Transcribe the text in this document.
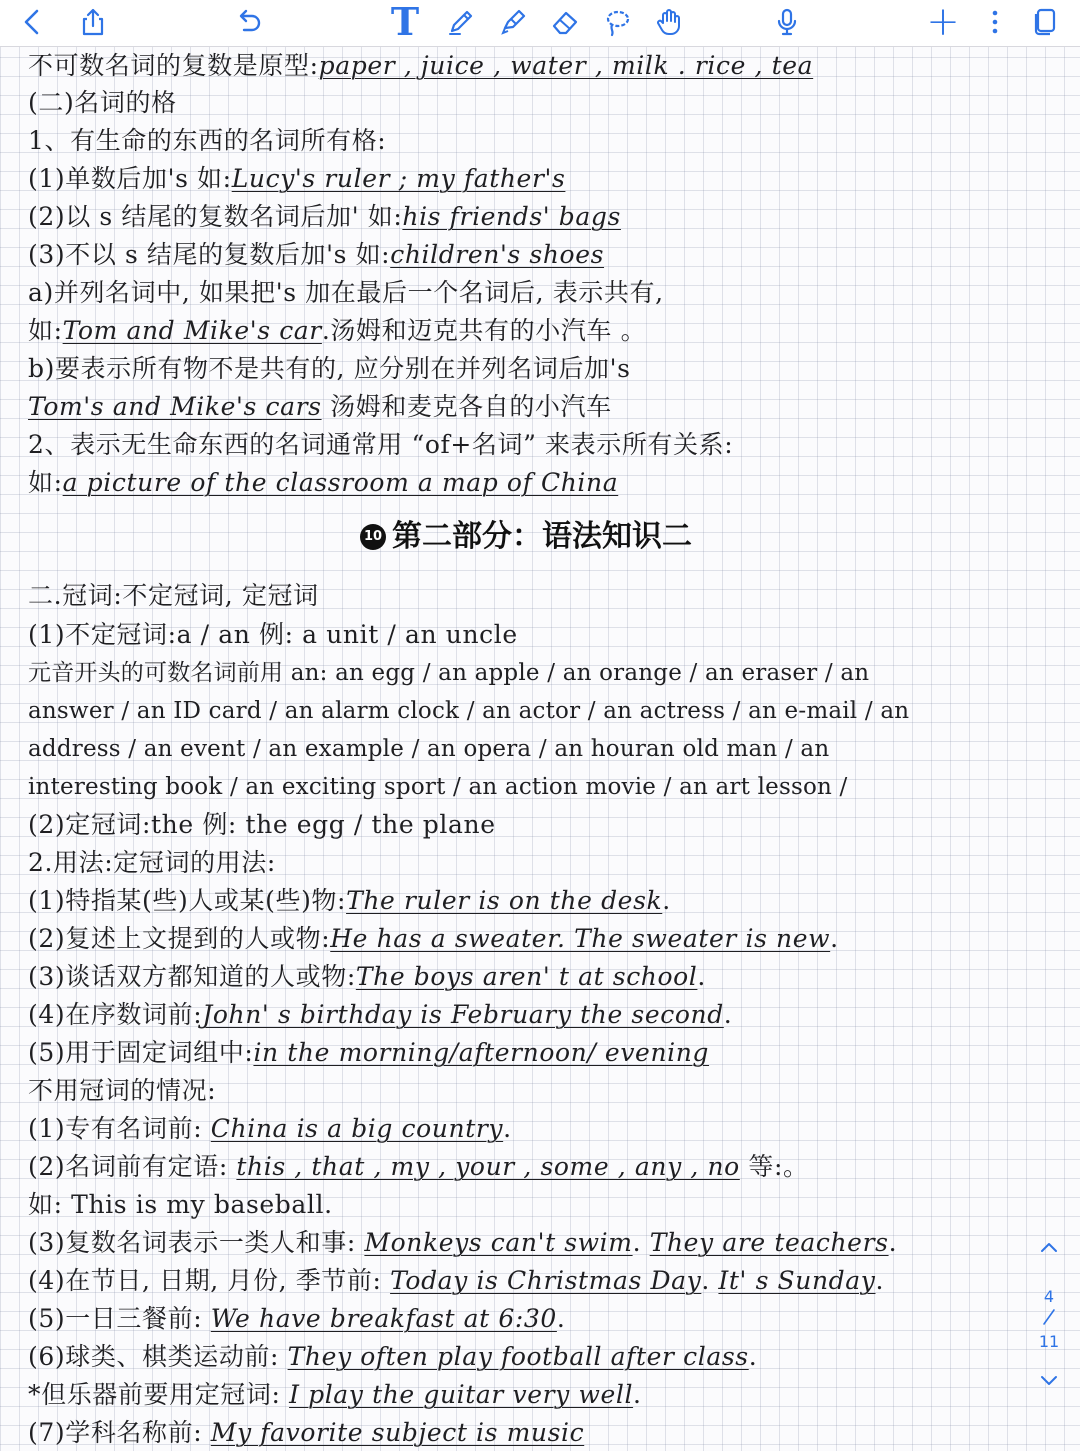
T	+
不可数名词的复数是原型:paper , juice , water , milk . rice , tea
(二)名词的格
1、有生命的东西的名词所有格:
(1)单数后加's 如:Lucy's ruler ; my father's
(2)以 s 结尾的复数名词后加' 如:his friends' bags
(3)不以 s 结尾的复数后加's 如:children's shoes
a)并列名词中, 如果把's 加在最后一个名词后, 表示共有,
如:Tom and Mike's car.汤姆和迈克共有的小汽车 。
b)要表示所有物不是共有的, 应分别在并列名词后加's
Tom's and Mike's cars 汤姆和麦克各自的小汽车
2、表示无生命东西的名词通常用 “of+名词” 来表示所有关系:
如:a picture of the classroom a map of China
二.冠词:不定冠词, 定冠词
(1)不定冠词:a / an 例: a unit / an uncle
元音开头的可数名词前用 an: an egg / an apple / an orange / an eraser / an
answer / an ID card / an alarm clock / an actor / an actress / an e-mail / an
address / an event / an example / an opera / an houran old man / an
interesting book / an exciting sport / an action movie / an art lesson /
(2)定冠词:the 例: the egg / the plane
2.用法:定冠词的用法:
(1)特指某(些)人或某(些)物:The ruler is on the desk.
(2)复述上文提到的人或物:He has a sweater. The sweater is new.
(3)谈话双方都知道的人或物:The boys aren' t at school.
(4)在序数词前:John' s birthday is February the second.
(5)用于固定词组中:in the morning/afternoon/ evening
不用冠词的情况:
(1)专有名词前: China is a big country.
(2)名词前有定语: this , that , my , your , some , any , no 等:。
如: This is my baseball.
(3)复数名词表示一类人和事: Monkeys can't swim. They are teachers.
(4)在节日, 日期, 月份, 季节前: Today is Christmas Day. It' s Sunday.
(5)一日三餐前: We have breakfast at 6:30.
(6)球类、棋类运动前: They often play football after class.
*但乐器前要用定冠词: I play the guitar very well.
(7)学科名称前: My favorite subject is music
10 第二部分：语法知识二
4
11
